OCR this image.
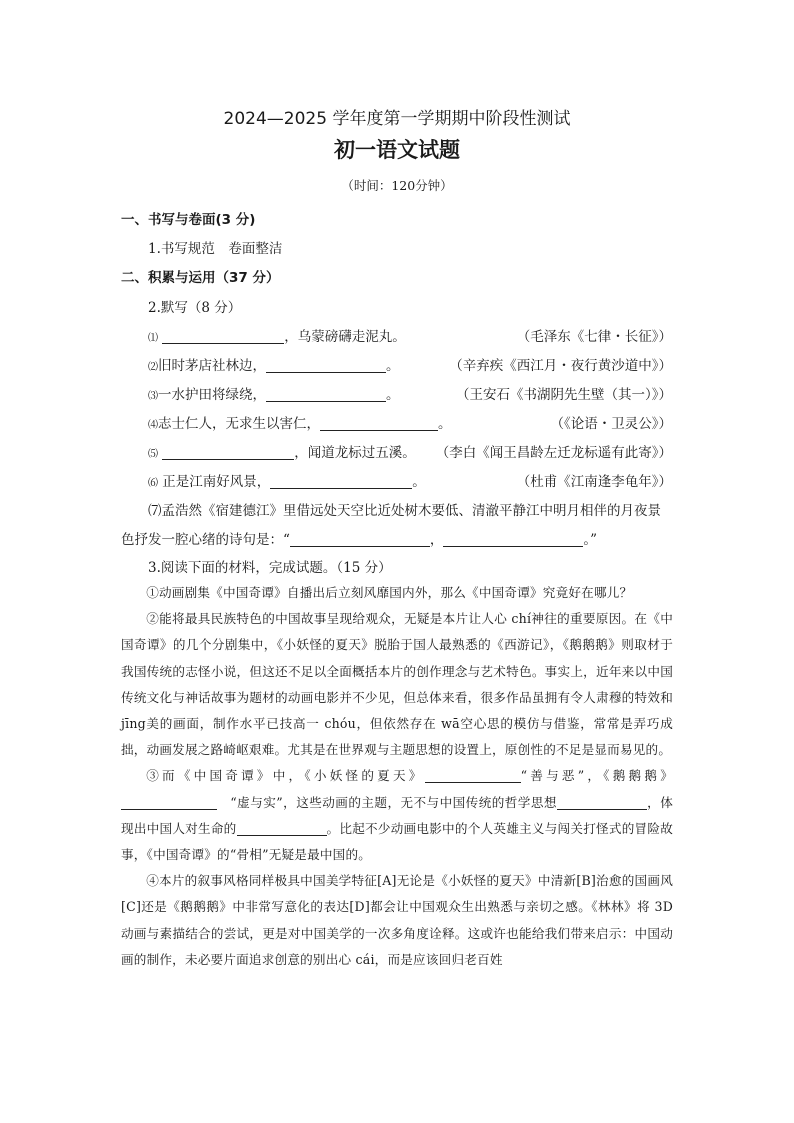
2024—2025 学年度第一学期期中阶段性测试
初一语文试题
（时间：120分钟）
一、书写与卷面(3 分)
1.书写规范　卷面整洁
二、积累与运用（37 分）
2.默写（8 分）
⑴	，乌蒙磅礴走泥丸。	（毛泽东《七律・长征》）
⑵旧时茅店社林边，	。	（辛弃疾《西江月・夜行黄沙道中》）
⑶一水护田将绿绕，	。	（王安石《书湖阴先生壁（其一）》）
⑷志士仁人，无求生以害仁，	。	（《论语・卫灵公》）
⑸	，闻道龙标过五溪。 （李白《闻王昌龄左迁龙标遥有此寄》）
⑹ 正是江南好风景，	。	（杜甫《江南逢李龟年》）
⑺孟浩然《宿建德江》里借远处天空比近处树木要低、清澈平静江中明月相伴的月夜景
色抒发一腔心绪的诗句是：“	，	。”
3.阅读下面的材料，完成试题。（15 分）

①动画剧集《中国奇谭》自播出后立刻风靡国内外，那么《中国奇谭》究竟好在哪儿？

②能将最具民族特色的中国故事呈现给观众，无疑是本片让人心 chí神往的重要原因。在《中国奇谭》的几个分剧集中，《小妖怪的夏天》脱胎于国人最熟悉的《西游记》，《鹅鹅鹅》则取材于我国传统的志怪小说，但这还不足以全面概括本片的创作理念与艺术特色。事实上，近年来以中国传统文化与神话故事为题材的动画电影并不少见，但总体来看，很多作品虽拥有令人肃穆的特效和 jīng美的画面，制作水平已技高一 chóu，但依然存在 wā空心思的模仿与借鉴，常常是弄巧成拙，动画发展之路崎岖艰难。尤其是在世界观与主题思想的设置上，原创性的不足是显而易见的。

③而《中国奇谭》中，《小妖怪的夏天》	“善与恶”，《鹅鹅鹅》　“虚与实”，这些动画的主题，无不与中国传统的哲学思想	，体现出中国人对生命的	。比起不少动画电影中的个人英雄主义与闯关打怪式的冒险故事，《中国奇谭》的“骨相”无疑是最中国的。

④本片的叙事风格同样极具中国美学特征[A]无论是《小妖怪的夏天》中清新[B]治愈的国画风[C]还是《鹅鹅鹅》中非常写意化的表达[D]都会让中国观众生出熟悉与亲切之感。《林林》将 3D动画与素描结合的尝试，更是对中国美学的一次多角度诠释。这或许也能给我们带来启示：中国动画的制作，未必要片面追求创意的别出心 cái，而是应该回归老百姓
